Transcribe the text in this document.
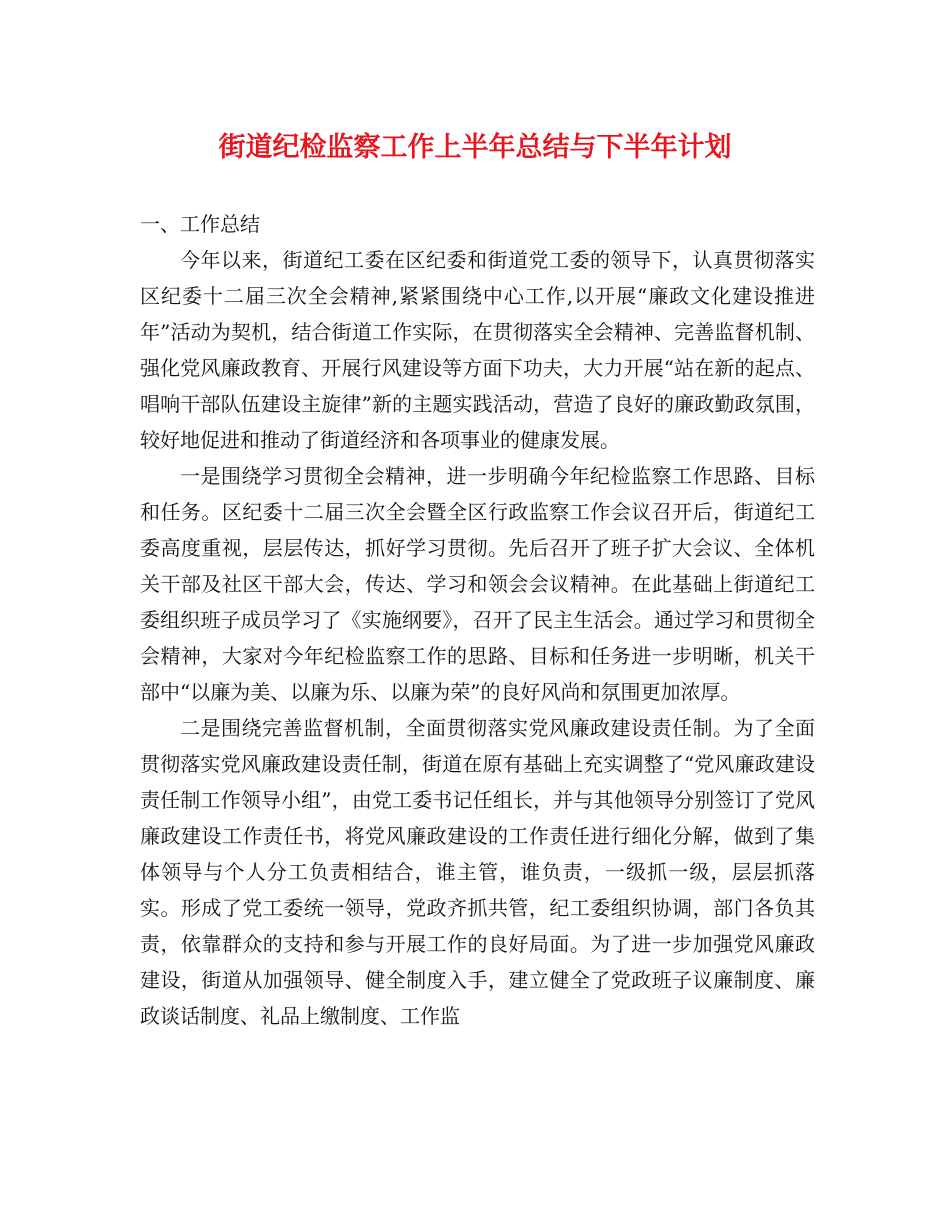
街道纪检监察工作上半年总结与下半年计划
一、工作总结

今年以来，街道纪工委在区纪委和街道党工委的领导下，认真贯彻落实区纪委十二届三次全会精神,紧紧围绕中心工作,以开展“廉政文化建设推进年”活动为契机，结合街道工作实际，在贯彻落实全会精神、完善监督机制、强化党风廉政教育、开展行风建设等方面下功夫，大力开展“站在新的起点、唱响干部队伍建设主旋律”新的主题实践活动，营造了良好的廉政勤政氛围，较好地促进和推动了街道经济和各项事业的健康发展。

一是围绕学习贯彻全会精神，进一步明确今年纪检监察工作思路、目标和任务。区纪委十二届三次全会暨全区行政监察工作会议召开后，街道纪工委高度重视，层层传达，抓好学习贯彻。先后召开了班子扩大会议、全体机关干部及社区干部大会，传达、学习和领会会议精神。在此基础上街道纪工委组织班子成员学习了《实施纲要》，召开了民主生活会。通过学习和贯彻全会精神，大家对今年纪检监察工作的思路、目标和任务进一步明晰，机关干部中“以廉为美、以廉为乐、以廉为荣”的良好风尚和氛围更加浓厚。

二是围绕完善监督机制，全面贯彻落实党风廉政建设责任制。为了全面贯彻落实党风廉政建设责任制，街道在原有基础上充实调整了“党风廉政建设责任制工作领导小组”，由党工委书记任组长，并与其他领导分别签订了党风廉政建设工作责任书，将党风廉政建设的工作责任进行细化分解，做到了集体领导与个人分工负责相结合，谁主管，谁负责，一级抓一级，层层抓落实。形成了党工委统一领导，党政齐抓共管，纪工委组织协调，部门各负其责，依靠群众的支持和参与开展工作的良好局面。为了进一步加强党风廉政建设，街道从加强领导、健全制度入手，建立健全了党政班子议廉制度、廉政谈话制度、礼品上缴制度、工作监
